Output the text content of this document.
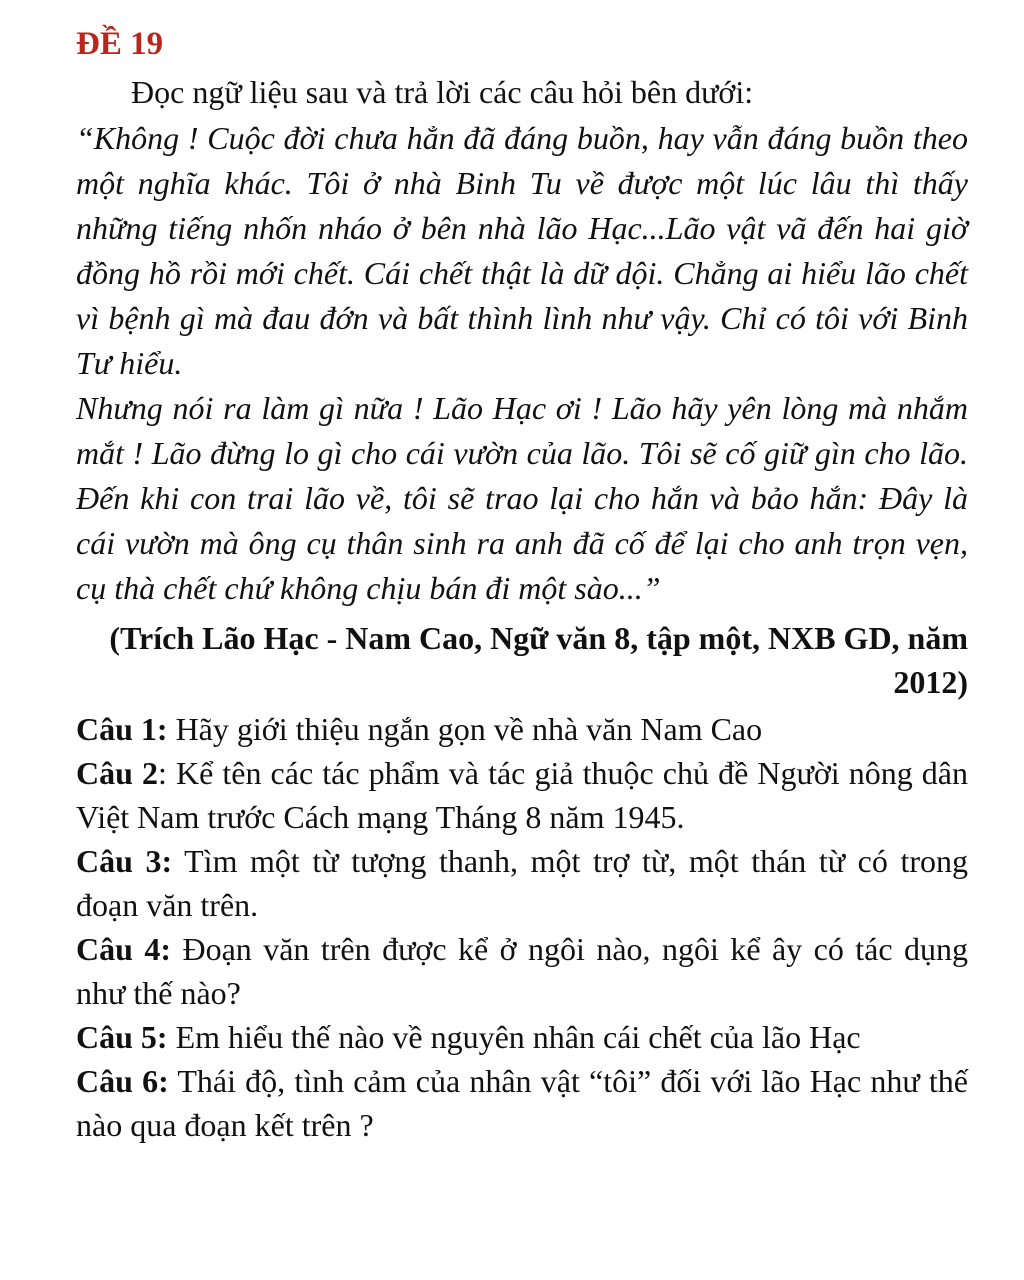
ĐỀ 19

Đọc ngữ liệu sau và trả lời các câu hỏi bên dưới:

“Không ! Cuộc đời chưa hẳn đã đáng buồn, hay vẫn đáng buồn theo một nghĩa khác. Tôi ở nhà Binh Tu về được một lúc lâu thì thấy những tiếng nhốn nháo ở bên nhà lão Hạc...Lão vật vã đến hai giờ đồng hồ rồi mới chết. Cái chết thật là dữ dội. Chẳng ai hiểu lão chết vì bệnh gì mà đau đớn và bất thình lình như vậy. Chỉ có tôi với Binh Tư hiểu.

Nhưng nói ra làm gì nữa ! Lão Hạc ơi ! Lão hãy yên lòng mà nhắm mắt ! Lão đừng lo gì cho cái vườn của lão. Tôi sẽ cố giữ gìn cho lão. Đến khi con trai lão về, tôi sẽ trao lại cho hắn và bảo hắn: Đây là cái vườn mà ông cụ thân sinh ra anh đã cố để lại cho anh trọn vẹn, cụ thà chết chứ không chịu bán đi một sào...”

(Trích Lão Hạc - Nam Cao, Ngữ văn 8, tập một, NXB GD, năm 2012)

Câu 1: Hãy giới thiệu ngắn gọn về nhà văn Nam Cao

Câu 2: Kể tên các tác phẩm và tác giả thuộc chủ đề Người nông dân Việt Nam trước Cách mạng Tháng 8 năm 1945.

Câu 3: Tìm một từ tượng thanh, một trợ từ, một thán từ có trong đoạn văn trên.

Câu 4: Đoạn văn trên được kể ở ngôi nào, ngôi kể ây có tác dụng như thế nào?

Câu 5: Em hiểu thế nào về nguyên nhân cái chết của lão Hạc

Câu 6: Thái độ, tình cảm của nhân vật “tôi” đối với lão Hạc như thế nào qua đoạn kết trên ?
